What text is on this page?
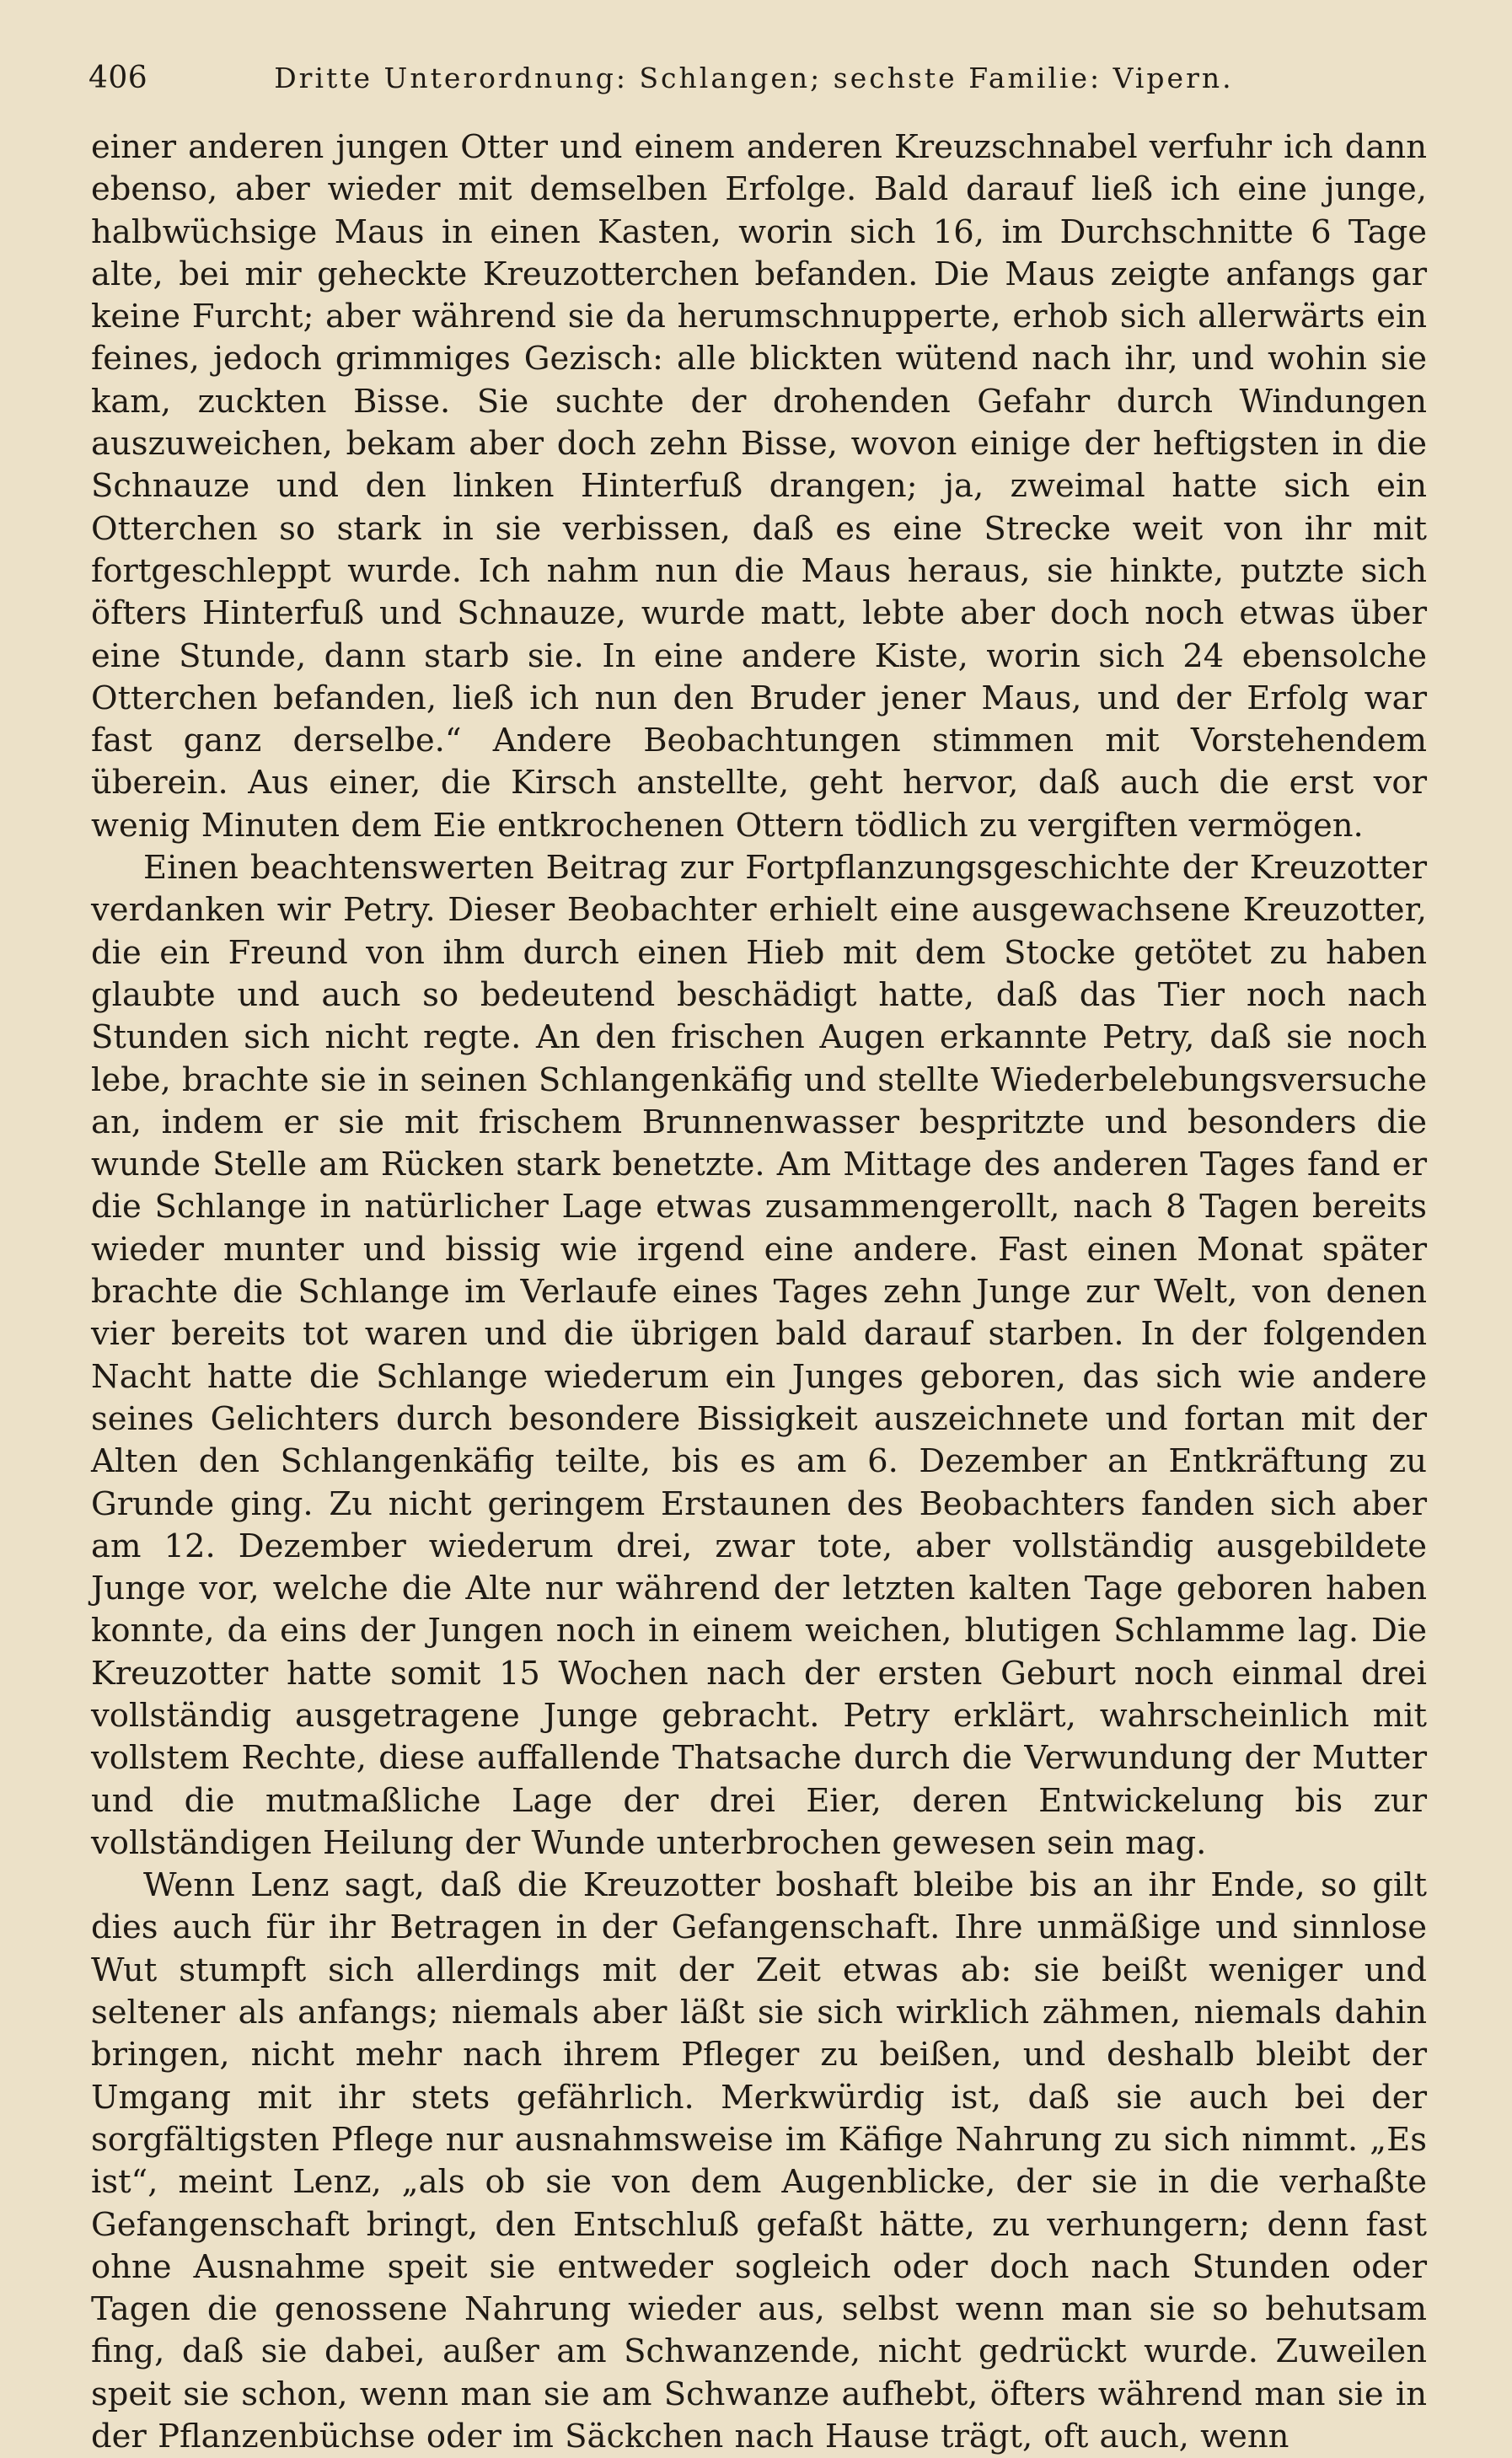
406	Dritte Unterordnung: Schlangen; sechste Familie: Vipern.

einer anderen jungen Otter und einem anderen Kreuzschnabel verfuhr ich dann ebenso, aber wieder mit demselben Erfolge. Bald darauf ließ ich eine junge, halbwüchsige Maus in einen Kasten, worin sich 16, im Durchschnitte 6 Tage alte, bei mir geheckte Kreuzotterchen befanden. Die Maus zeigte anfangs gar keine Furcht; aber während sie da herumschnupperte, erhob sich allerwärts ein feines, jedoch grimmiges Gezisch: alle blickten wütend nach ihr, und wohin sie kam, zuckten Bisse. Sie suchte der drohenden Gefahr durch Windungen auszuweichen, bekam aber doch zehn Bisse, wovon einige der heftigsten in die Schnauze und den linken Hinterfuß drangen; ja, zweimal hatte sich ein Otterchen so stark in sie verbissen, daß es eine Strecke weit von ihr mit fortgeschleppt wurde. Ich nahm nun die Maus heraus, sie hinkte, putzte sich öfters Hinterfuß und Schnauze, wurde matt, lebte aber doch noch etwas über eine Stunde, dann starb sie. In eine andere Kiste, worin sich 24 ebensolche Otterchen befanden, ließ ich nun den Bruder jener Maus, und der Erfolg war fast ganz derselbe.“ Andere Beobachtungen stimmen mit Vorstehendem überein. Aus einer, die Kirsch anstellte, geht hervor, daß auch die erst vor wenig Minuten dem Eie entkrochenen Ottern tödlich zu vergiften vermögen.

Einen beachtenswerten Beitrag zur Fortpflanzungsgeschichte der Kreuzotter verdanken wir Petry. Dieser Beobachter erhielt eine ausgewachsene Kreuzotter, die ein Freund von ihm durch einen Hieb mit dem Stocke getötet zu haben glaubte und auch so bedeutend beschädigt hatte, daß das Tier noch nach Stunden sich nicht regte. An den frischen Augen erkannte Petry, daß sie noch lebe, brachte sie in seinen Schlangenkäfig und stellte Wiederbelebungsversuche an, indem er sie mit frischem Brunnenwasser bespritzte und besonders die wunde Stelle am Rücken stark benetzte. Am Mittage des anderen Tages fand er die Schlange in natürlicher Lage etwas zusammengerollt, nach 8 Tagen bereits wieder munter und bissig wie irgend eine andere. Fast einen Monat später brachte die Schlange im Verlaufe eines Tages zehn Junge zur Welt, von denen vier bereits tot waren und die übrigen bald darauf starben. In der folgenden Nacht hatte die Schlange wiederum ein Junges geboren, das sich wie andere seines Gelichters durch besondere Bissigkeit auszeichnete und fortan mit der Alten den Schlangenkäfig teilte, bis es am 6. Dezember an Entkräftung zu Grunde ging. Zu nicht geringem Erstaunen des Beobachters fanden sich aber am 12. Dezember wiederum drei, zwar tote, aber vollständig ausgebildete Junge vor, welche die Alte nur während der letzten kalten Tage geboren haben konnte, da eins der Jungen noch in einem weichen, blutigen Schlamme lag. Die Kreuzotter hatte somit 15 Wochen nach der ersten Geburt noch einmal drei vollständig ausgetragene Junge gebracht. Petry erklärt, wahrscheinlich mit vollstem Rechte, diese auffallende Thatsache durch die Verwundung der Mutter und die mutmaßliche Lage der drei Eier, deren Entwickelung bis zur vollständigen Heilung der Wunde unterbrochen gewesen sein mag.

Wenn Lenz sagt, daß die Kreuzotter boshaft bleibe bis an ihr Ende, so gilt dies auch für ihr Betragen in der Gefangenschaft. Ihre unmäßige und sinnlose Wut stumpft sich allerdings mit der Zeit etwas ab: sie beißt weniger und seltener als anfangs; niemals aber läßt sie sich wirklich zähmen, niemals dahin bringen, nicht mehr nach ihrem Pfleger zu beißen, und deshalb bleibt der Umgang mit ihr stets gefährlich. Merkwürdig ist, daß sie auch bei der sorgfältigsten Pflege nur ausnahmsweise im Käfige Nahrung zu sich nimmt. „Es ist“, meint Lenz, „als ob sie von dem Augenblicke, der sie in die verhaßte Gefangenschaft bringt, den Entschluß gefaßt hätte, zu verhungern; denn fast ohne Ausnahme speit sie entweder sogleich oder doch nach Stunden oder Tagen die genossene Nahrung wieder aus, selbst wenn man sie so behutsam fing, daß sie dabei, außer am Schwanzende, nicht gedrückt wurde. Zuweilen speit sie schon, wenn man sie am Schwanze aufhebt, öfters während man sie in der Pflanzenbüchse oder im Säckchen nach Hause trägt, oft auch, wenn
